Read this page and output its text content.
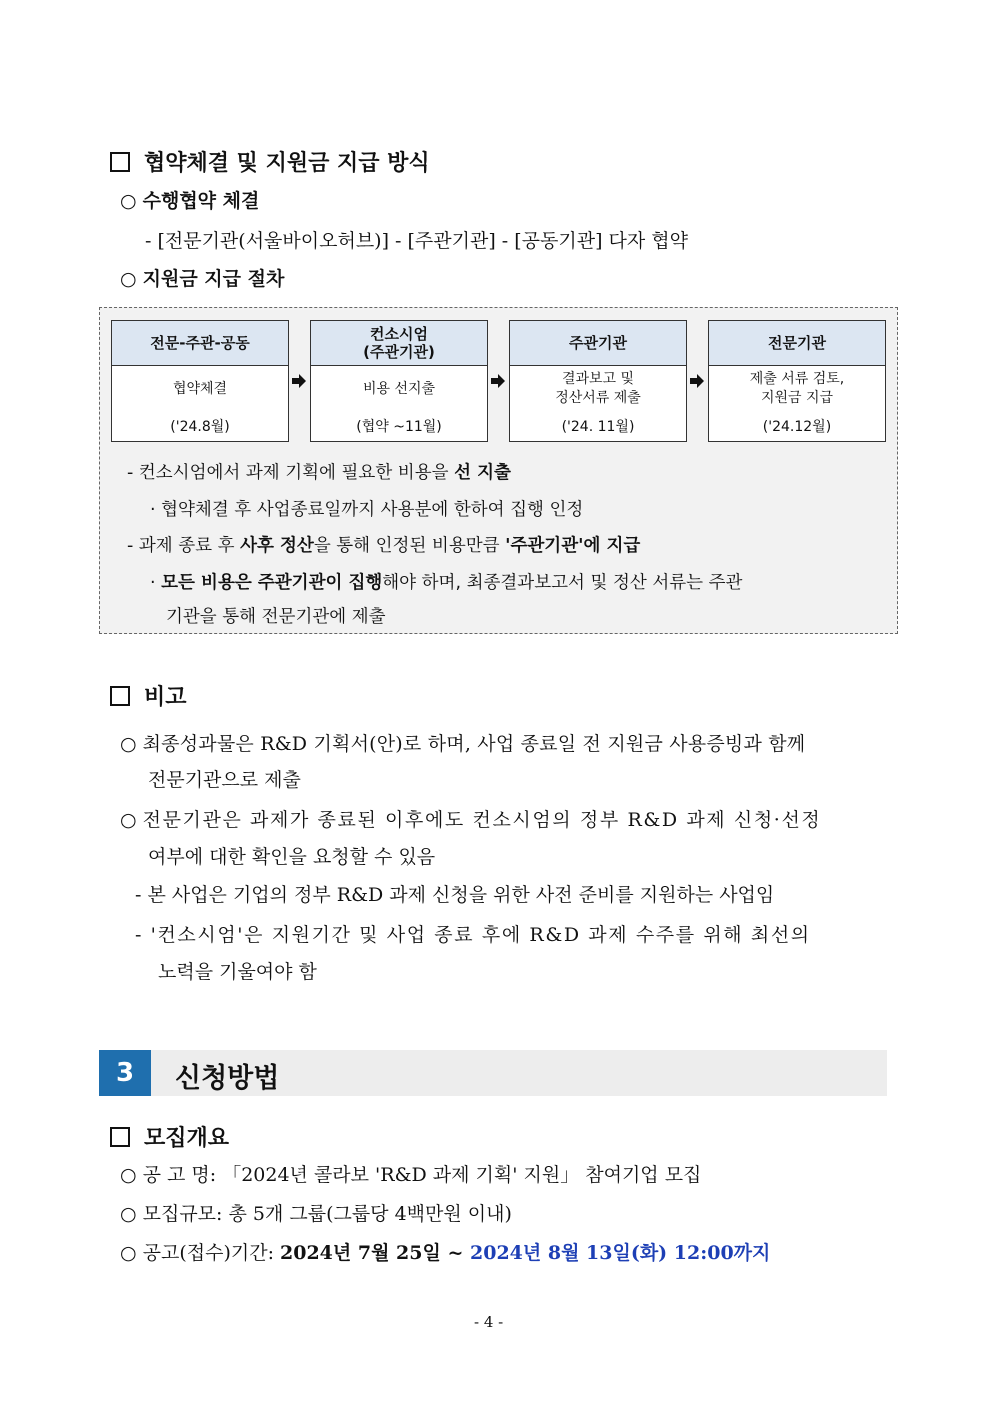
협약체결 및 지원금 지급 방식
○ 수행협약 체결
- [전문기관(서울바이오허브)] - [주관기관] - [공동기관] 다자 협약
○ 지원금 지급 절차
전문-주관-공동
협약체결
('24.8월)
컨소시엄
(주관기관)
비용 선지출
(협약 ~11월)
주관기관
결과보고 및
정산서류 제출
('24. 11월)
전문기관
제출 서류 검토,
지원금 지급
('24.12월)
- 컨소시엄에서 과제 기획에 필요한 비용을 선 지출
· 협약체결 후 사업종료일까지 사용분에 한하여 집행 인정
- 과제 종료 후 사후 정산을 통해 인정된 비용만큼 '주관기관'에 지급
· 모든 비용은 주관기관이 집행해야 하며, 최종결과보고서 및 정산 서류는 주관
기관을 통해 전문기관에 제출
비고
○ 최종성과물은 R&D 기획서(안)로 하며, 사업 종료일 전 지원금 사용증빙과 함께
전문기관으로 제출
○ 전문기관은 과제가 종료된 이후에도 컨소시엄의 정부 R&D 과제 신청·선정
여부에 대한 확인을 요청할 수 있음
- 본 사업은 기업의 정부 R&D 과제 신청을 위한 사전 준비를 지원하는 사업임
- '컨소시엄'은 지원기간 및 사업 종료 후에 R&D 과제 수주를 위해 최선의
노력을 기울여야 함
3	신청방법
모집개요
○ 공 고 명: 「2024년 콜라보 'R&D 과제 기획' 지원」 참여기업 모집
○ 모집규모: 총 5개 그룹(그룹당 4백만원 이내)
○ 공고(접수)기간: 2024년 7월 25일 ~ 2024년 8월 13일(화) 12:00까지
- 4 -
